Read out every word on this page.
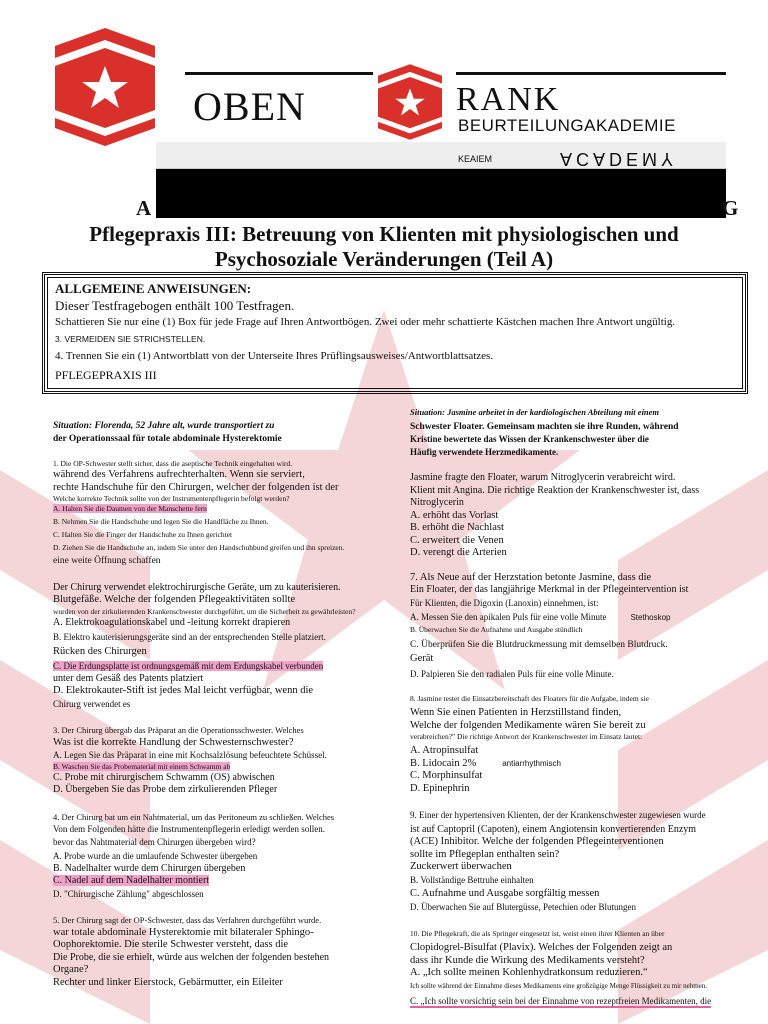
OBEN	RANK
BEURTEILUNGAKADEMIE
KEAIEM	ACADEMY
A	G
Pflegepraxis III: Betreuung von Klienten mit physiologischen und
Psychosoziale Veränderungen (Teil A)
ALLGEMEINE ANWEISUNGEN:
Dieser Testfragebogen enthält 100 Testfragen.
Schattieren Sie nur eine (1) Box für jede Frage auf Ihren Antwortbögen. Zwei oder mehr schattierte Kästchen machen Ihre Antwort ungültig.
3. VERMEIDEN SIE STRICHSTELLEN.
4. Trennen Sie ein (1) Antwortblatt von der Unterseite Ihres Prüflingsausweises/Antwortblattsatzes.
PFLEGEPRAXIS III

Situation: Florenda, 52 Jahre alt, wurde transportiert zu

der Operationssaal für totale abdominale Hysterektomie

1. Die OP-Schwester stellt sicher, dass die aseptische Technik eingehalten wird.

während des Verfahrens aufrechterhalten. Wenn sie serviert,

rechte Handschuhe für den Chirurgen, welcher der folgenden ist der

Welche korrekte Technik sollte von der Instrumentenpflegerin befolgt werden?

A. Halten Sie die Daumen von der Manschette fern

B. Nehmen Sie die Handschuhe und legen Sie die Handfläche zu Ihnen.

C. Halten Sie die Finger der Handschuhe zu Ihnen gerichtet

D. Ziehen Sie die Handschuhe an, indem Sie unter den Handschuhbund greifen und ihn spreizen.

eine weite Öffnung schaffen

Der Chirurg verwendet elektrochirurgische Geräte, um zu kauterisieren.

Blutgefäße. Welche der folgenden Pflegeaktivitäten sollte

wurden von der zirkulierenden Krankenschwester durchgeführt, um die Sicherheit zu gewährleisten?

A. Elektrokoagulationskabel und -leitung korrekt drapieren

B. Elektro kauterisierungsgeräte sind an der entsprechenden Stelle platziert.

Rücken des Chirurgen

C. Die Erdungsplatte ist ordnungsgemäß mit dem Erdungskabel verbunden

unter dem Gesäß des Patents platziert

D. Elektrokauter-Stift ist jedes Mal leicht verfügbar, wenn die

Chirurg verwendet es

3. Der Chirurg übergab das Präparat an die Operationsschwester. Welches

Was ist die korrekte Handlung der Schwesternschwester?

A. Legen Sie das Präparat in eine mit Kochsalzlösung befeuchtete Schüssel.

B. Waschen Sie das Probematerial mit einem Schwamm ab

C. Probe mit chirurgischem Schwamm (OS) abwischen

D. Übergeben Sie das Probe dem zirkulierenden Pfleger

4. Der Chirurg bat um ein Nahtmaterial, um das Peritoneum zu schließen. Welches

Von dem Folgenden hätte die Instrumentenpflegerin erledigt werden sollen.

bevor das Nahtmaterial dem Chirurgen übergeben wird?

A. Probe wurde an die umlaufende Schwester übergeben

B. Nadelhalter wurde dem Chirurgen übergeben

C. Nadel auf dem Nadelhalter montiert

D. "Chirurgische Zählung" abgeschlossen

5. Der Chirurg sagt der OP-Schwester, dass das Verfahren durchgeführt wurde.

war totale abdominale Hysterektomie mit bilateraler Sphingo-

Oophorektomie. Die sterile Schwester versteht, dass die

Die Probe, die sie erhielt, würde aus welchen der folgenden bestehen

Organe?

Rechter und linker Eierstock, Gebärmutter, ein Eileiter

Situation: Jasmine arbeitet in der kardiologischen Abteilung mit einem

Schwester Floater. Gemeinsam machten sie ihre Runden, während

Kristine bewertete das Wissen der Krankenschwester über die

Häufig verwendete Herzmedikamente.

Jasmine fragte den Floater, warum Nitroglycerin verabreicht wird.

Klient mit Angina. Die richtige Reaktion der Krankenschwester ist, dass

Nitroglycerin

A. erhöht das Vorlast

B. erhöht die Nachlast

C. erweitert die Venen

D. verengt die Arterien

7. Als Neue auf der Herzstation betonte Jasmine, dass die

Ein Floater, der das langjährige Merkmal in der Pflegeintervention ist

Für Klienten, die Digoxin (Lanoxin) einnehmen, ist:

A. Messen Sie den apikalen Puls für eine volle Minute	Stethoskop

B. Überwachen Sie die Aufnahme und Ausgabe stündlich

C. Überprüfen Sie die Blutdruckmessung mit demselben Blutdruck.

Gerät

D. Palpieren Sie den radialen Puls für eine volle Minute.

8. Jasmine testet die Einsatzbereitschaft des Floaters für die Aufgabe, indem sie

Wenn Sie einen Patienten in Herzstillstand finden,

Welche der folgenden Medikamente wären Sie bereit zu

verabreichen?" Die richtige Antwort der Krankenschwester im Einsatz lautet:

A. Atropinsulfat

B. Lidocain 2%	antiarrhythmisch

C. Morphinsulfat

D. Epinephrin

9. Einer der hypertensiven Klienten, der der Krankenschwester zugewiesen wurde

ist auf Captopril (Capoten), einem Angiotensin konvertierenden Enzym

(ACE) Inhibitor. Welche der folgenden Pflegeinterventionen

sollte im Pflegeplan enthalten sein?

Zuckerwert überwachen

B. Vollständige Bettruhe einhalten

C. Aufnahme und Ausgabe sorgfältig messen

D. Überwachen Sie auf Blutergüsse, Petechien oder Blutungen

10. Die Pflegekraft, die als Springer eingesetzt ist, weist einen ihrer Klienten an über

Clopidogrel-Bisulfat (Plavix). Welches der Folgenden zeigt an

dass ihr Kunde die Wirkung des Medikaments versteht?

A. „Ich sollte meinen Kohlenhydratkonsum reduzieren.“

Ich sollte während der Einnahme dieses Medikaments eine großzügige Menge Flüssigkeit zu mir nehmen.

C. „Ich sollte vorsichtig sein bei der Einnahme von rezeptfreien Medikamenten, die
